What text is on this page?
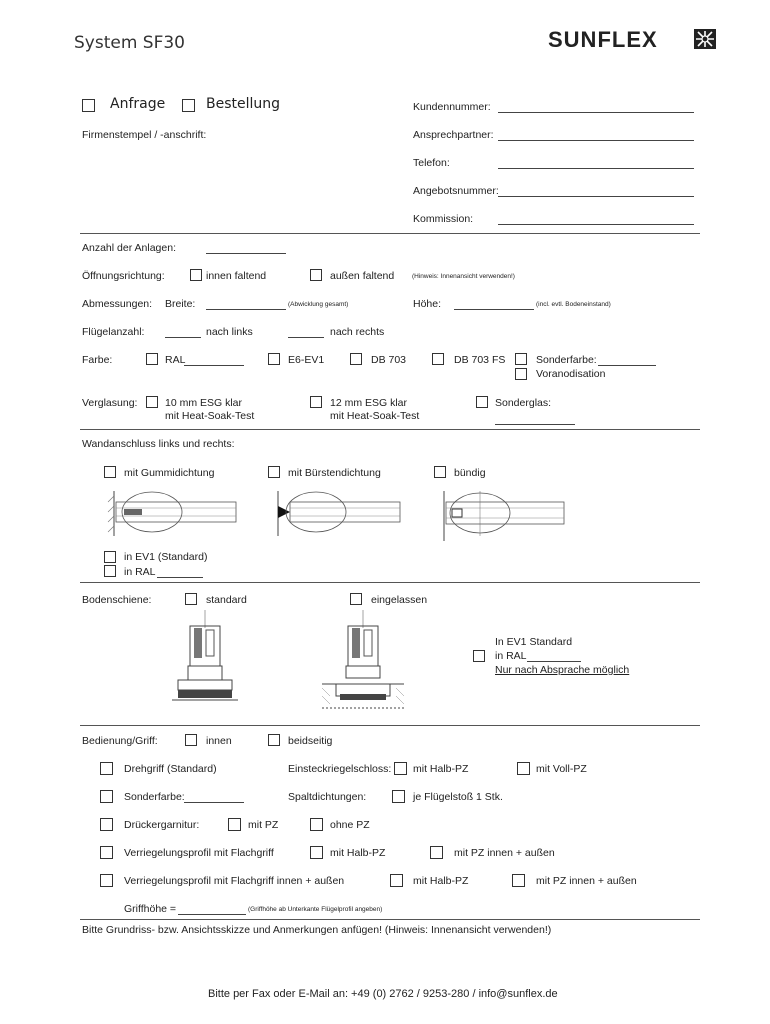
System SF30	SUNFLEX
Anfrage	Bestellung
Firmenstempel / -anschrift:
Kundennummer:
Ansprechpartner:
Telefon:
Angebotsnummer:
Kommission:
Anzahl der Anlagen:
Öffnungsrichtung:	innen faltend	außen faltend	(Hinweis: Innenansicht verwenden!)
Abmessungen: Breite:	(Abwicklung gesamt)	Höhe:	(incl. evtl. Bodeneinstand)
Flügelanzahl:	nach links	nach rechts
Farbe:	RAL	E6-EV1	DB 703	DB 703 FS	Sonderfarbe:
Voranodisation
Verglasung:	10 mm ESG klar
mit Heat-Soak-Test
12 mm ESG klar
mit Heat-Soak-Test
Sonderglas:
Wandanschluss links und rechts:
mit Gummidichtung	mit Bürstendichtung	bündig
in EV1 (Standard)
in RAL
Bodenschiene:	standard	eingelassen
In EV1 Standard
in RAL
Nur nach Absprache möglich
Bedienung/Griff:	innen	beidseitig
Drehgriff (Standard)	Einsteckriegelschloss: mit Halb-PZ	mit Voll-PZ
Sonderfarbe:	Spaltdichtungen:	je Flügelstoß 1 Stk.
Drückergarnitur:	mit PZ	ohne PZ
Verriegelungsprofil mit Flachgriff	mit Halb-PZ	mit PZ innen + außen
Verriegelungsprofil mit Flachgriff innen + außen	mit Halb-PZ	mit PZ innen + außen
Griffhöhe =	(Griffhöhe ab Unterkante Flügelprofil angeben)
Bitte Grundriss- bzw. Ansichtsskizze und Anmerkungen anfügen! (Hinweis: Innenansicht verwenden!)
Bitte per Fax oder E-Mail an: +49 (0) 2762 / 9253-280 / info@sunflex.de
